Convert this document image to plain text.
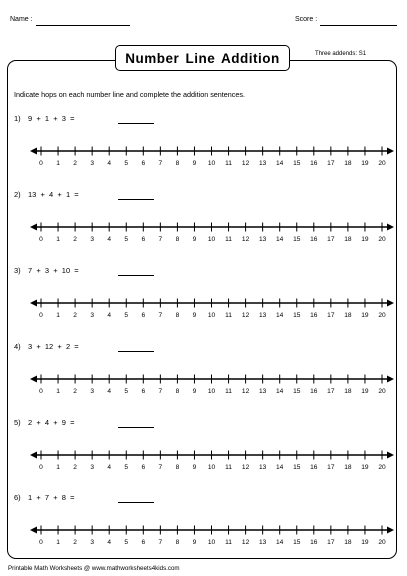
Name :	Score :
Number Line Addition	Three addends: S1
Indicate hops on each number line and complete the addition sentences.
1) 9  +  1  +  3  =
0 1 2 3 4 5 6 7 8 9 10 11 12 13 14 15 16 17 18 19 20
2) 13  +  4  +  1  =
0 1 2 3 4 5 6 7 8 9 10 11 12 13 14 15 16 17 18 19 20
3) 7  +  3  +  10  =
0 1 2 3 4 5 6 7 8 9 10 11 12 13 14 15 16 17 18 19 20
4) 3  +  12  +  2  =
0 1 2 3 4 5 6 7 8 9 10 11 12 13 14 15 16 17 18 19 20
5) 2  +  4  +  9  =
0 1 2 3 4 5 6 7 8 9 10 11 12 13 14 15 16 17 18 19 20
6) 1  +  7  +  8  =
0 1 2 3 4 5 6 7 8 9 10 11 12 13 14 15 16 17 18 19 20
Printable Math Worksheets @ www.mathworksheets4kids.com
